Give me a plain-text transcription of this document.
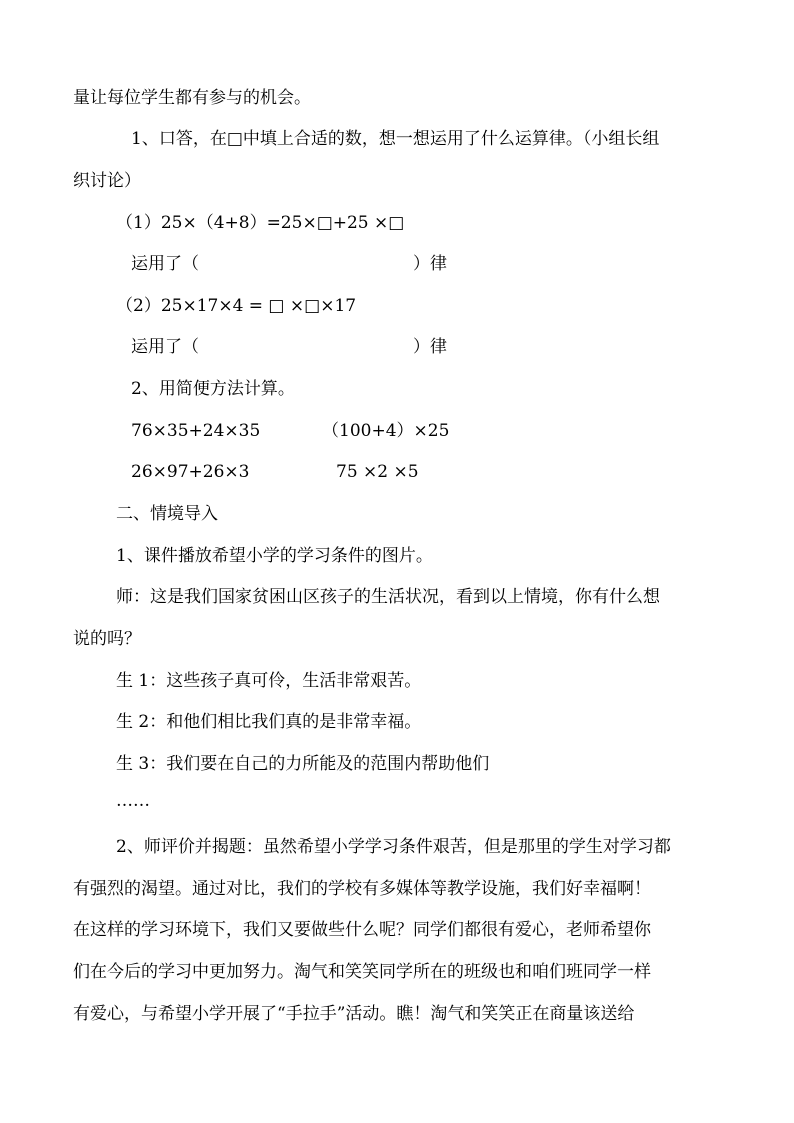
量让每位学生都有参与的机会。
1、口答，在□中填上合适的数，想一想运用了什么运算律。（小组长组
织讨论）
（1）25×（4+8）=25×□+25 ×□
运用了（	）律
（2）25×17×4 = □ ×□×17
运用了（	）律
2、用简便方法计算。
76×35+24×35	（100+4）×25
26×97+26×3	75 ×2 ×5
二、情境导入
1、课件播放希望小学的学习条件的图片。
师：这是我们国家贫困山区孩子的生活状况，看到以上情境，你有什么想
说的吗？
生 1：这些孩子真可伶，生活非常艰苦。
生 2：和他们相比我们真的是非常幸福。
生 3：我们要在自己的力所能及的范围内帮助他们
……
2、师评价并揭题：虽然希望小学学习条件艰苦，但是那里的学生对学习都
有强烈的渴望。通过对比，我们的学校有多媒体等教学设施，我们好幸福啊！
在这样的学习环境下，我们又要做些什么呢？同学们都很有爱心，老师希望你
们在今后的学习中更加努力。淘气和笑笑同学所在的班级也和咱们班同学一样
有爱心，与希望小学开展了“手拉手”活动。瞧！淘气和笑笑正在商量该送给
